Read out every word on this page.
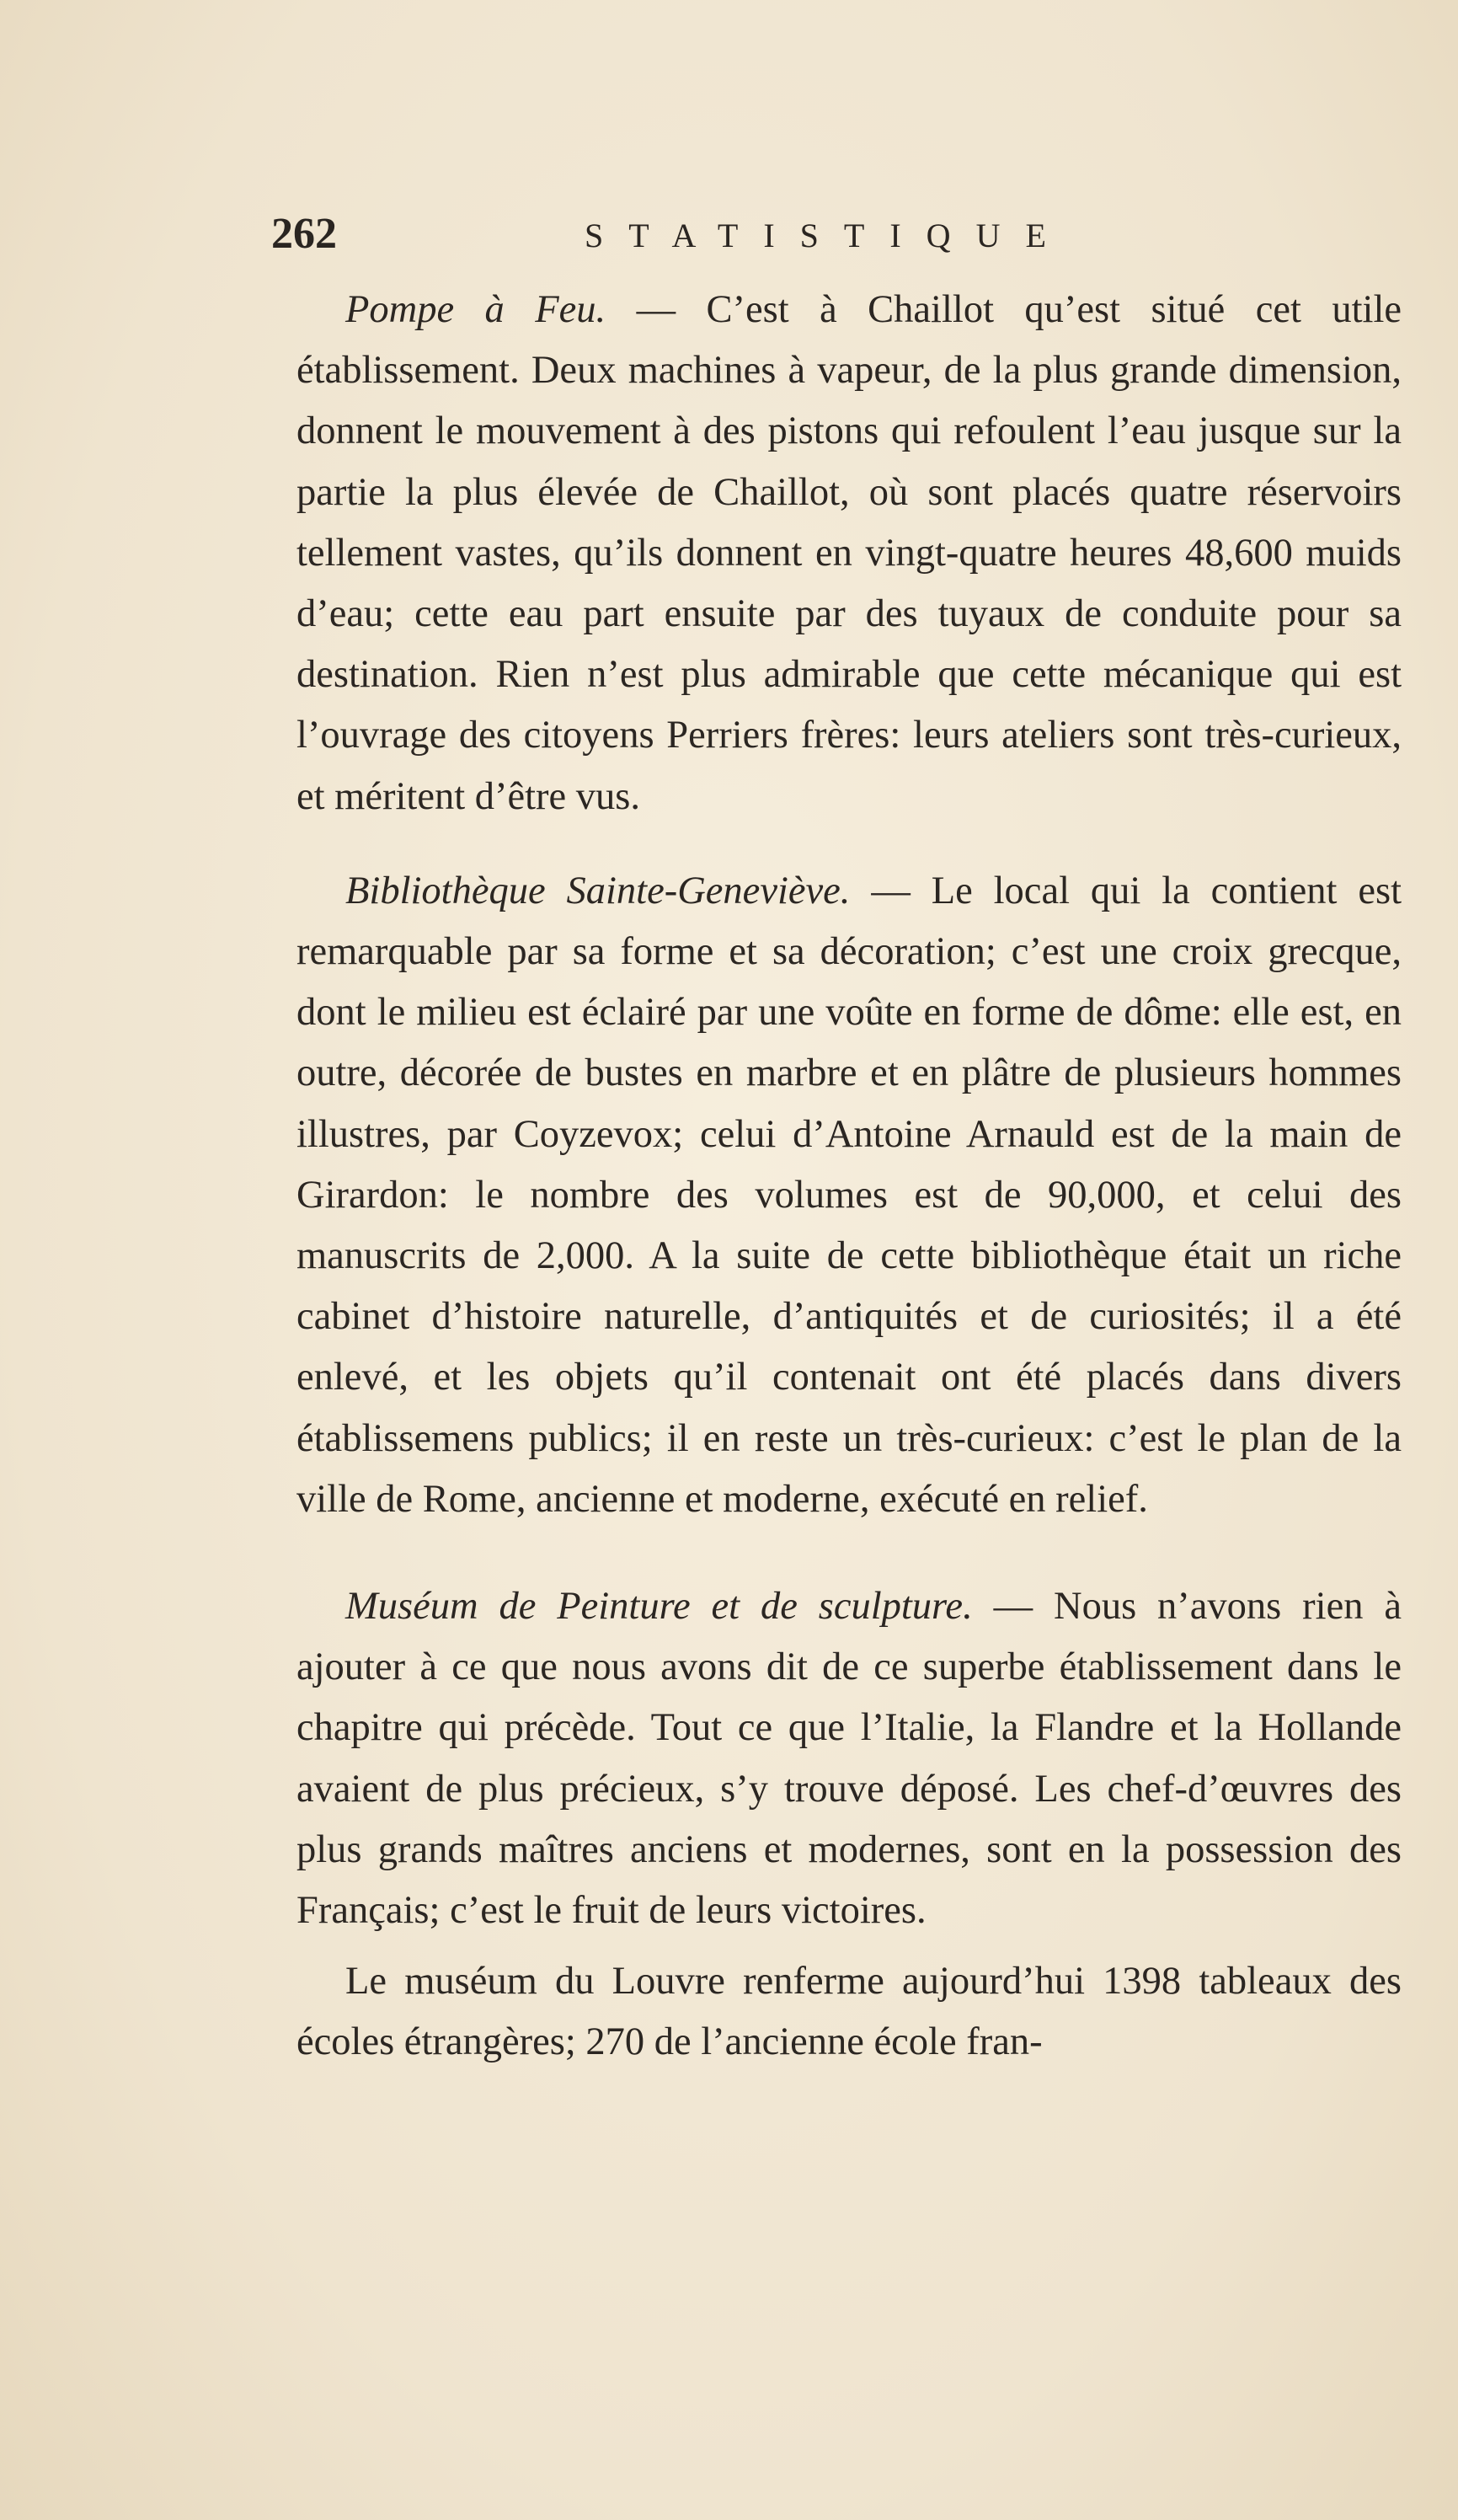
262	STATISTIQUE

Pompe à Feu. — C’est à Chaillot qu’est situé cet utile établissement. Deux machines à vapeur, de la plus grande dimension, donnent le mouvement à des pistons qui refoulent l’eau jusque sur la partie la plus élevée de Chaillot, où sont placés quatre réservoirs tellement vastes, qu’ils donnent en vingt-quatre heures 48,600 muids d’eau; cette eau part ensuite par des tuyaux de conduite pour sa destination. Rien n’est plus admirable que cette mécanique qui est l’ouvrage des citoyens Perriers frères: leurs ateliers sont très-curieux, et méritent d’être vus.

Bibliothèque Sainte-Geneviève. — Le local qui la contient est remarquable par sa forme et sa décoration; c’est une croix grecque, dont le milieu est éclairé par une voûte en forme de dôme: elle est, en outre, décorée de bustes en marbre et en plâtre de plusieurs hommes illustres, par Coyzevox; celui d’Antoine Arnauld est de la main de Girardon: le nombre des volumes est de 90,000, et celui des manuscrits de 2,000. A la suite de cette bibliothèque était un riche cabinet d’histoire naturelle, d’antiquités et de curiosités; il a été enlevé, et les objets qu’il contenait ont été placés dans divers établissemens publics; il en reste un très-curieux: c’est le plan de la ville de Rome, ancienne et moderne, exécuté en relief.

Muséum de Peinture et de sculpture. — Nous n’avons rien à ajouter à ce que nous avons dit de ce superbe établissement dans le chapitre qui précède. Tout ce que l’Italie, la Flandre et la Hollande avaient de plus précieux, s’y trouve déposé. Les chef-d’œuvres des plus grands maîtres anciens et modernes, sont en la possession des Français; c’est le fruit de leurs victoires.

Le muséum du Louvre renferme aujourd’hui 1398 tableaux des écoles étrangères; 270 de l’ancienne école fran-
